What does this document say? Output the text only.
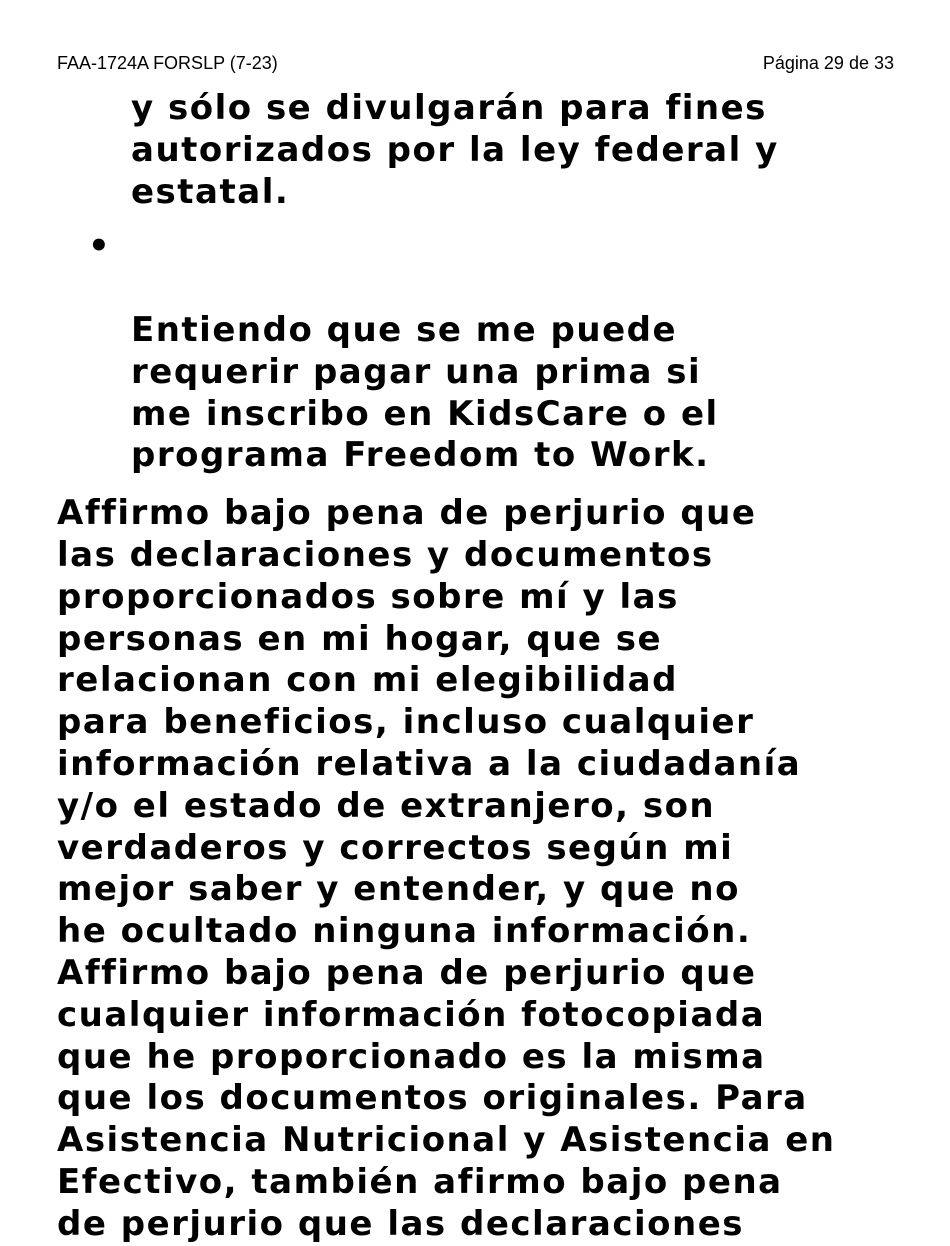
FAA-1724A FORSLP (7-23)	Página 29 de 33

y sólo se divulgarán para fines
autorizados por la ley federal y
estatal.

•

Entiendo que se me puede
requerir pagar una prima si
me inscribo en KidsCare o el
programa Freedom to Work.

Affirmo bajo pena de perjurio que
las declaraciones y documentos
proporcionados sobre mí y las
personas en mi hogar, que se
relacionan con mi elegibilidad
para beneficios, incluso cualquier
información relativa a la ciudadanía
y/o el estado de extranjero, son
verdaderos y correctos según mi
mejor saber y entender, y que no
he ocultado ninguna información.
Affirmo bajo pena de perjurio que
cualquier información fotocopiada
que he proporcionado es la misma
que los documentos originales. Para
Asistencia Nutricional y Asistencia en
Efectivo, también afirmo bajo pena
de perjurio que las declaraciones
